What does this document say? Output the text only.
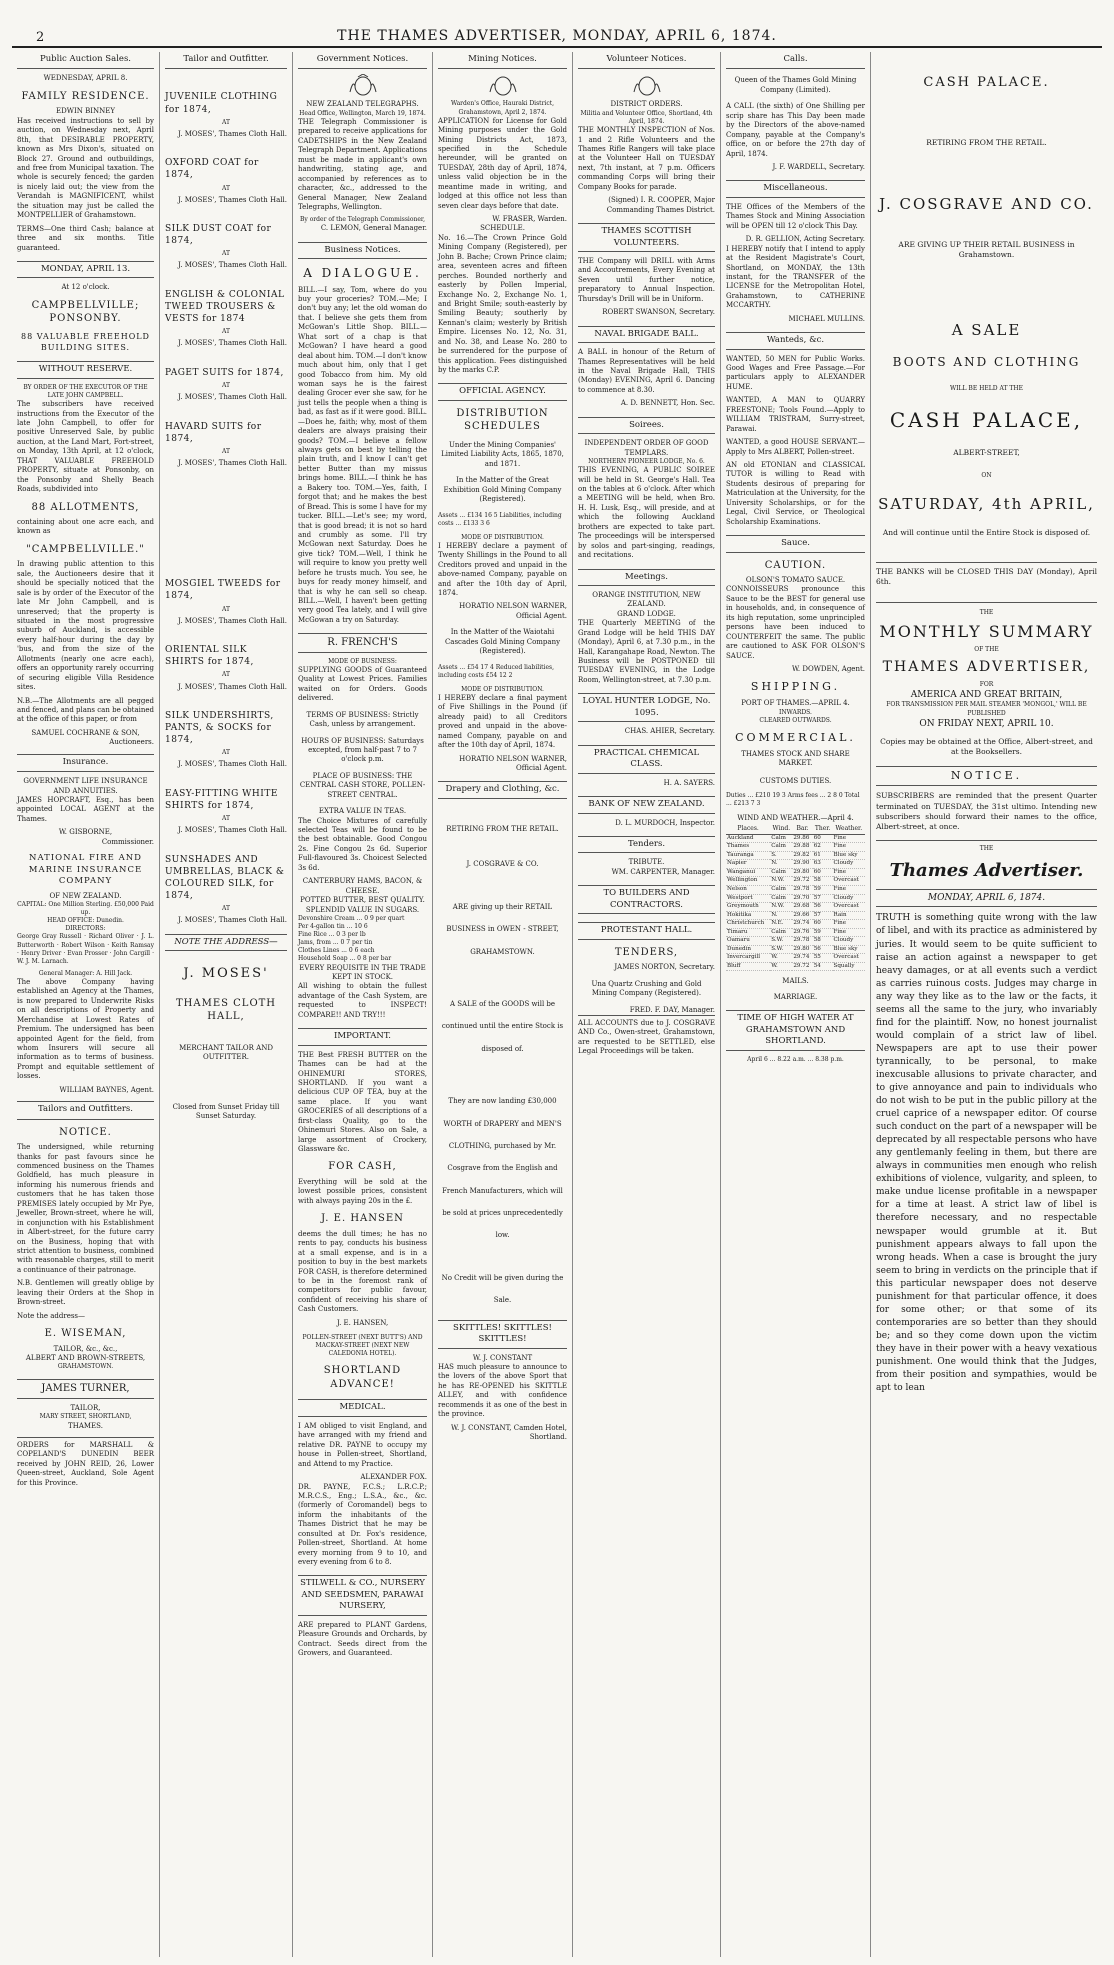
2	THE THAMES ADVERTISER, MONDAY, APRIL 6, 1874.
Public Auction Sales.
WEDNESDAY, APRIL 8.
FAMILY RESIDENCE.
EDWIN BINNEY

Has received instructions to sell by auction, on Wednesday next, April 8th, that DESIRABLE PROPERTY, known as Mrs Dixon's, situated on Block 27. Ground and outbuildings, and free from Municipal taxation. The whole is securely fenced; the garden is nicely laid out; the view from the Verandah is MAGNIFICENT, whilst the situation may just be called the MONTPELLIER of Grahamstown.

TERMS—One third Cash; balance at three and six months. Title guaranteed.

MONDAY, APRIL 13.
At 12 o'clock.
CAMPBELLVILLE; PONSONBY.
88 VALUABLE FREEHOLD BUILDING SITES.
WITHOUT RESERVE.
BY ORDER OF THE EXECUTOR OF THE LATE JOHN CAMPBELL.

The subscribers have received instructions from the Executor of the late John Campbell, to offer for positive Unreserved Sale, by public auction, at the Land Mart, Fort-street, on Monday, 13th April, at 12 o'clock, THAT VALUABLE FREEHOLD PROPERTY, situate at Ponsonby, on the Ponsonby and Shelly Beach Roads, subdivided into

88 ALLOTMENTS,

containing about one acre each, and known as

"CAMPBELLVILLE."

In drawing public attention to this sale, the Auctioneers desire that it should be specially noticed that the sale is by order of the Executor of the late Mr John Campbell, and is unreserved; that the property is situated in the most progressive suburb of Auckland, is accessible every half-hour during the day by 'bus, and from the size of the Allotments (nearly one acre each), offers an opportunity rarely occurring of securing eligible Villa Residence sites.

N.B.—The Allotments are all pegged and fenced, and plans can be obtained at the office of this paper, or from

SAMUEL COCHRANE & SON,
Auctioneers.
Insurance.
GOVERNMENT LIFE INSURANCE AND ANNUITIES.

JAMES HOPCRAFT, Esq., has been appointed LOCAL AGENT at the Thames.

W. GISBORNE,
Commissioner.
NATIONAL FIRE AND MARINE INSURANCE COMPANY
OF NEW ZEALAND.
CAPITAL: One Million Sterling. £50,000 Paid up.
HEAD OFFICE: Dunedin.
DIRECTORS:

George Gray Russell · Richard Oliver · J. L. Butterworth · Robert Wilson · Keith Ramsay · Henry Driver · Evan Prosser · John Cargill · W. J. M. Larnach.

General Manager: A. Hill Jack.

The above Company having established an Agency at the Thames, is now prepared to Underwrite Risks on all descriptions of Property and Merchandise at Lowest Rates of Premium. The undersigned has been appointed Agent for the field, from whom Insurers will secure all information as to terms of business. Prompt and equitable settlement of losses.

WILLIAM BAYNES, Agent.
Tailors and Outfitters.
NOTICE.

The undersigned, while returning thanks for past favours since he commenced business on the Thames Goldfield, has much pleasure in informing his numerous friends and customers that he has taken those PREMISES lately occupied by Mr Pye, Jeweller, Brown-street, where he will, in conjunction with his Establishment in Albert-street, for the future carry on the Business, hoping that with strict attention to business, combined with reasonable charges, still to merit a continuance of their patronage.

N.B. Gentlemen will greatly oblige by leaving their Orders at the Shop in Brown-street.

Note the address—
E. WISEMAN,
TAILOR, &c., &c.,
ALBERT AND BROWN-STREETS,
GRAHAMSTOWN.
JAMES TURNER,
TAILOR,
MARY STREET, SHORTLAND,
THAMES.

ORDERS for MARSHALL & COPELAND'S DUNEDIN BEER received by JOHN REID, 26, Lower Queen-street, Auckland, Sole Agent for this Province.

Tailor and Outfitter.
JUVENILE CLOTHING for 1874,
AT
J. MOSES', Thames Cloth Hall.
OXFORD COAT for 1874,
AT
J. MOSES', Thames Cloth Hall.
SILK DUST COAT for 1874,
AT
J. MOSES', Thames Cloth Hall.
ENGLISH & COLONIAL TWEED TROUSERS & VESTS for 1874
AT
J. MOSES', Thames Cloth Hall.
PAGET SUITS for 1874,
AT
J. MOSES', Thames Cloth Hall.
HAVARD SUITS for 1874,
AT
J. MOSES', Thames Cloth Hall.
MOSGIEL TWEEDS for 1874,
AT
J. MOSES', Thames Cloth Hall.
ORIENTAL SILK SHIRTS for 1874,
AT
J. MOSES', Thames Cloth Hall.
SILK UNDERSHIRTS, PANTS, & SOCKS for 1874,
AT
J. MOSES', Thames Cloth Hall.
EASY-FITTING WHITE SHIRTS for 1874,
AT
J. MOSES', Thames Cloth Hall.
SUNSHADES AND UMBRELLAS, BLACK & COLOURED SILK, for 1874,
AT
J. MOSES', Thames Cloth Hall.
NOTE THE ADDRESS—
J. MOSES'
THAMES CLOTH HALL,
MERCHANT TAILOR AND OUTFITTER.
Closed from Sunset Friday till Sunset Saturday.
Government Notices.
NEW ZEALAND TELEGRAPHS.
Head Office, Wellington, March 19, 1874.

THE Telegraph Commissioner is prepared to receive applications for CADETSHIPS in the New Zealand Telegraph Department. Applications must be made in applicant's own handwriting, stating age, and accompanied by references as to character, &c., addressed to the General Manager, New Zealand Telegraphs, Wellington.

By order of the Telegraph Commissioner,
C. LEMON, General Manager.
Business Notices.
A DIALOGUE.

BILL.—I say, Tom, where do you buy your groceries? TOM.—Me; I don't buy any; let the old woman do that. I believe she gets them from McGowan's Little Shop. BILL.—What sort of a chap is that McGowan? I have heard a good deal about him. TOM.—I don't know much about him, only that I get good Tobacco from him. My old woman says he is the fairest dealing Grocer ever she saw, for he just tells the people when a thing is bad, as fast as if it were good. BILL.—Does he, faith; why, most of them dealers are always praising their goods? TOM.—I believe a fellow always gets on best by telling the plain truth, and I know I can't get better Butter than my missus brings home. BILL.—I think he has a Bakery too. TOM.—Yes, faith, I forgot that; and he makes the best of Bread. This is some I have for my tucker. BILL.—Let's see; my word, that is good bread; it is not so hard and crumbly as some. I'll try McGowan next Saturday. Does he give tick? TOM.—Well, I think he will require to know you pretty well before he trusts much. You see, he buys for ready money himself, and that is why he can sell so cheap. BILL.—Well, I haven't been getting very good Tea lately, and I will give McGowan a try on Saturday.

R. FRENCH'S
MODE OF BUSINESS:

SUPPLYING GOODS of Guaranteed Quality at Lowest Prices. Families waited on for Orders. Goods delivered.

TERMS OF BUSINESS: Strictly Cash, unless by arrangement.

HOURS OF BUSINESS: Saturdays excepted, from half-past 7 to 7 o'clock p.m.

PLACE OF BUSINESS: THE CENTRAL CASH STORE, POLLEN-STREET CENTRAL.

EXTRA VALUE IN TEAS.

The Choice Mixtures of carefully selected Teas will be found to be the best obtainable. Good Congou 2s. Fine Congou 2s 6d. Superior Full-flavoured 3s. Choicest Selected 3s 6d.

CANTERBURY HAMS, BACON, & CHEESE.
POTTED BUTTER, BEST QUALITY.
SPLENDID VALUE IN SUGARS.
Devonshire Cream ... 0 9 per quart
Per 4-gallon tin ... 10 6
Fine Rice ... 0 3 per lb
Jams, from ... 0 7 per tin
Clothes Lines ... 0 6 each
Household Soap ... 0 8 per bar
EVERY REQUISITE IN THE TRADE KEPT IN STOCK.

All wishing to obtain the fullest advantage of the Cash System, are requested to INSPECT! COMPARE!! AND TRY!!!

IMPORTANT.

THE Best FRESH BUTTER on the Thames can be had at the OHINEMURI STORES, SHORTLAND. If you want a delicious CUP OF TEA, buy at the same place. If you want GROCERIES of all descriptions of a first-class Quality, go to the Ohinemuri Stores. Also on Sale, a large assortment of Crockery, Glassware &c.

FOR CASH,

Everything will be sold at the lowest possible prices, consistent with always paying 20s in the £.

J. E. HANSEN

deems the dull times; he has no rents to pay, conducts his business at a small expense, and is in a position to buy in the best markets FOR CASH, is therefore determined to be in the foremost rank of competitors for public favour, confident of receiving his share of Cash Customers.

J. E. HANSEN,

POLLEN-STREET (NEXT BUTT'S) AND MACKAY-STREET (NEXT NEW CALEDONIA HOTEL).

SHORTLAND ADVANCE!
MEDICAL.

I AM obliged to visit England, and have arranged with my friend and relative DR. PAYNE to occupy my house in Pollen-street, Shortland, and Attend to my Practice.

ALEXANDER FOX.

DR. PAYNE, F.C.S.; L.R.C.P.; M.R.C.S., Eng.; L.S.A., &c., &c. (formerly of Coromandel) begs to inform the inhabitants of the Thames District that he may be consulted at Dr. Fox's residence, Pollen-street, Shortland. At home every morning from 9 to 10, and every evening from 6 to 8.

STILWELL & CO., NURSERY AND SEEDSMEN, PARAWAI NURSERY,

ARE prepared to PLANT Gardens, Pleasure Grounds and Orchards, by Contract. Seeds direct from the Growers, and Guaranteed.

Mining Notices.
Warden's Office, Hauraki District, Grahamstown, April 2, 1874.

APPLICATION for License for Gold Mining purposes under the Gold Mining Districts Act, 1873, specified in the Schedule hereunder, will be granted on TUESDAY, 28th day of April, 1874, unless valid objection be in the meantime made in writing, and lodged at this office not less than seven clear days before that date.

W. FRASER, Warden.
SCHEDULE.

No. 16.—The Crown Prince Gold Mining Company (Registered), per John B. Bache; Crown Prince claim; area, seventeen acres and fifteen perches. Bounded northerly and easterly by Pollen Imperial, Exchange No. 2, Exchange No. 1, and Bright Smile; south-easterly by Smiling Beauty; southerly by Kennan's claim; westerly by British Empire. Licenses No. 12, No. 31, and No. 38, and Lease No. 280 to be surrendered for the purpose of this application. Fees distinguished by the marks C.P.

OFFICIAL AGENCY.
DISTRIBUTION SCHEDULES

Under the Mining Companies' Limited Liability Acts, 1865, 1870, and 1871.

In the Matter of the Great Exhibition Gold Mining Company (Registered).

Assets ... £134 16 5 Liabilities, including costs ... £133 3 6

MODE OF DISTRIBUTION.

I HEREBY declare a payment of Twenty Shillings in the Pound to all Creditors proved and unpaid in the above-named Company, payable on and after the 10th day of April, 1874.

HORATIO NELSON WARNER, Official Agent.

In the Matter of the Waiotahi Cascades Gold Mining Company (Registered).

Assets ... £54 17 4 Reduced liabilities, including costs £54 12 2

MODE OF DISTRIBUTION.

I HEREBY declare a final payment of Five Shillings in the Pound (if already paid) to all Creditors proved and unpaid in the above-named Company, payable on and after the 10th day of April, 1874.

HORATIO NELSON WARNER, Official Agent.
Drapery and Clothing, &c.
RETIRING FROM THE RETAIL.
J. COSGRAVE & CO.

ARE giving up their RETAIL BUSINESS in OWEN - STREET, GRAHAMSTOWN.

A SALE of the GOODS will be continued until the entire Stock is disposed of.

They are now landing £30,000 WORTH of DRAPERY and MEN'S CLOTHING, purchased by Mr. Cosgrave from the English and French Manufacturers, which will be sold at prices unprecedentedly low.

No Credit will be given during the Sale.

SKITTLES! SKITTLES! SKITTLES!
W. J. CONSTANT

HAS much pleasure to announce to the lovers of the above Sport that he has RE-OPENED his SKITTLE ALLEY, and with confidence recommends it as one of the best in the province.

W. J. CONSTANT, Camden Hotel, Shortland.
Volunteer Notices.
DISTRICT ORDERS.
Militia and Volunteer Office, Shortland, 4th April, 1874.

THE MONTHLY INSPECTION of Nos. 1 and 2 Rifle Volunteers and the Thames Rifle Rangers will take place at the Volunteer Hall on TUESDAY next, 7th instant, at 7 p.m. Officers commanding Corps will bring their Company Books for parade.

(Signed) I. R. COOPER, Major Commanding Thames District.
THAMES SCOTTISH VOLUNTEERS.

THE Company will DRILL with Arms and Accoutrements, Every Evening at Seven until further notice, preparatory to Annual Inspection. Thursday's Drill will be in Uniform.

ROBERT SWANSON, Secretary.
NAVAL BRIGADE BALL.

A BALL in honour of the Return of Thames Representatives will be held in the Naval Brigade Hall, THIS (Monday) EVENING, April 6. Dancing to commence at 8.30.

A. D. BENNETT, Hon. Sec.
Soirees.
INDEPENDENT ORDER OF GOOD TEMPLARS.
NORTHERN PIONEER LODGE, No. 6.

THIS EVENING, A PUBLIC SOIREE will be held in St. George's Hall. Tea on the tables at 6 o'clock. After which a MEETING will be held, when Bro. H. H. Lusk, Esq., will preside, and at which the following Auckland brothers are expected to take part. The proceedings will be interspersed by solos and part-singing, readings, and recitations.

Meetings.
ORANGE INSTITUTION, NEW ZEALAND.
GRAND LODGE.

THE Quarterly MEETING of the Grand Lodge will be held THIS DAY (Monday), April 6, at 7.30 p.m., in the Hall, Karangahape Road, Newton. The Business will be POSTPONED till TUESDAY EVENING, in the Lodge Room, Wellington-street, at 7.30 p.m.

LOYAL HUNTER LODGE, No. 1095.
CHAS. AHIER, Secretary.
PRACTICAL CHEMICAL CLASS.
H. A. SAYERS.
BANK OF NEW ZEALAND.
D. L. MURDOCH, Inspector.
Tenders.
TRIBUTE.
WM. CARPENTER, Manager.
TO BUILDERS AND CONTRACTORS.
PROTESTANT HALL.
TENDERS,
JAMES NORTON, Secretary.

Una Quartz Crushing and Gold Mining Company (Registered).

FRED. F. DAY, Manager.

ALL ACCOUNTS due to J. COSGRAVE AND Co., Owen-street, Grahamstown, are requested to be SETTLED, else Legal Proceedings will be taken.

Calls.

Queen of the Thames Gold Mining Company (Limited).

A CALL (the sixth) of One Shilling per scrip share has This Day been made by the Directors of the above-named Company, payable at the Company's office, on or before the 27th day of April, 1874.

J. F. WARDELL, Secretary.
Miscellaneous.

THE Offices of the Members of the Thames Stock and Mining Association will be OPEN till 12 o'clock This Day.

D. R. GELLION, Acting Secretary.

I HEREBY notify that I intend to apply at the Resident Magistrate's Court, Shortland, on MONDAY, the 13th instant, for the TRANSFER of the LICENSE for the Metropolitan Hotel, Grahamstown, to CATHERINE MCCARTHY.

MICHAEL MULLINS.
Wanteds, &c.

WANTED, 50 MEN for Public Works. Good Wages and Free Passage.—For particulars apply to ALEXANDER HUME.

WANTED, A MAN to QUARRY FREESTONE; Tools Found.—Apply to WILLIAM TRISTRAM, Surry-street, Parawai.

WANTED, a good HOUSE SERVANT.—Apply to Mrs ALBERT, Pollen-street.

AN old ETONIAN and CLASSICAL TUTOR is willing to Read with Students desirous of preparing for Matriculation at the University, for the University Scholarships, or for the Legal, Civil Service, or Theological Scholarship Examinations.

Sauce.
CAUTION.
OLSON'S TOMATO SAUCE.

CONNOISSEURS pronounce this Sauce to be the BEST for general use in households, and, in consequence of its high reputation, some unprincipled persons have been induced to COUNTERFEIT the same. The public are cautioned to ASK FOR OLSON'S SAUCE.

W. DOWDEN, Agent.
SHIPPING.
PORT OF THAMES.—APRIL 4.
INWARDS.
CLEARED OUTWARDS.
COMMERCIAL.
THAMES STOCK AND SHARE MARKET.
CUSTOMS DUTIES.

Duties ... £210 19 3 Arms fees ... 2 8 0 Total ... £213 7 3

WIND AND WEATHER.—April 4.
Places.	Wind.	Bar.	Ther.	Weather.
Auckland	Calm	29.86	60	Fine
Thames	Calm	29.88	62	Fine
Tauranga	S.	29.82	61	Blue sky
Napier	N.	29.90	63	Cloudy
Wanganui	Calm	29.80	60	Fine
Wellington	N.W.	29.72	58	Overcast
Nelson	Calm	29.78	59	Fine
Westport	Calm	29.70	57	Cloudy
Greymouth	N.W.	29.68	56	Overcast
Hokitika	N.	29.66	57	Rain
Christchurch	N.E.	29.74	60	Fine
Timaru	Calm	29.76	59	Fine
Oamaru	S.W.	29.78	58	Cloudy
Dunedin	S.W.	29.80	56	Blue sky
Invercargill	W.	29.74	55	Overcast
Bluff	W.	29.72	54	Squally
MAILS.
MARRIAGE.
TIME OF HIGH WATER AT GRAHAMSTOWN AND SHORTLAND.
April 6 ... 8.22 a.m. ... 8.38 p.m.
CASH PALACE.
RETIRING FROM THE RETAIL.
J. COSGRAVE AND CO.

ARE GIVING UP THEIR RETAIL BUSINESS in Grahamstown.

A SALE
BOOTS AND CLOTHING
WILL BE HELD AT THE
CASH PALACE,
ALBERT-STREET,
ON
SATURDAY, 4th APRIL,

And will continue until the Entire Stock is disposed of.

THE BANKS will be CLOSED THIS DAY (Monday), April 6th.

THE
MONTHLY SUMMARY
OF THE
THAMES ADVERTISER,
FOR
AMERICA AND GREAT BRITAIN,
FOR TRANSMISSION PER MAIL STEAMER 'MONGOL,' WILL BE PUBLISHED
ON FRIDAY NEXT, APRIL 10.

Copies may be obtained at the Office, Albert-street, and at the Booksellers.

NOTICE.

SUBSCRIBERS are reminded that the present Quarter terminated on TUESDAY, the 31st ultimo. Intending new subscribers should forward their names to the office, Albert-street, at once.

THE
Thames Advertiser.
MONDAY, APRIL 6, 1874.

TRUTH is something quite wrong with the law of libel, and with its practice as administered by juries. It would seem to be quite sufficient to raise an action against a newspaper to get heavy damages, or at all events such a verdict as carries ruinous costs. Judges may charge in any way they like as to the law or the facts, it seems all the same to the jury, who invariably find for the plaintiff. Now, no honest journalist would complain of a strict law of libel. Newspapers are apt to use their power tyrannically, to be personal, to make inexcusable allusions to private character, and to give annoyance and pain to individuals who do not wish to be put in the public pillory at the cruel caprice of a newspaper editor. Of course such conduct on the part of a newspaper will be deprecated by all respectable persons who have any gentlemanly feeling in them, but there are always in communities men enough who relish exhibitions of violence, vulgarity, and spleen, to make undue license profitable in a newspaper for a time at least. A strict law of libel is therefore necessary, and no respectable newspaper would grumble at it. But punishment appears always to fall upon the wrong heads. When a case is brought the jury seem to bring in verdicts on the principle that if this particular newspaper does not deserve punishment for that particular offence, it does for some other; or that some of its contemporaries are so better than they should be; and so they come down upon the victim they have in their power with a heavy vexatious punishment. One would think that the Judges, from their position and sympathies, would be apt to lean
